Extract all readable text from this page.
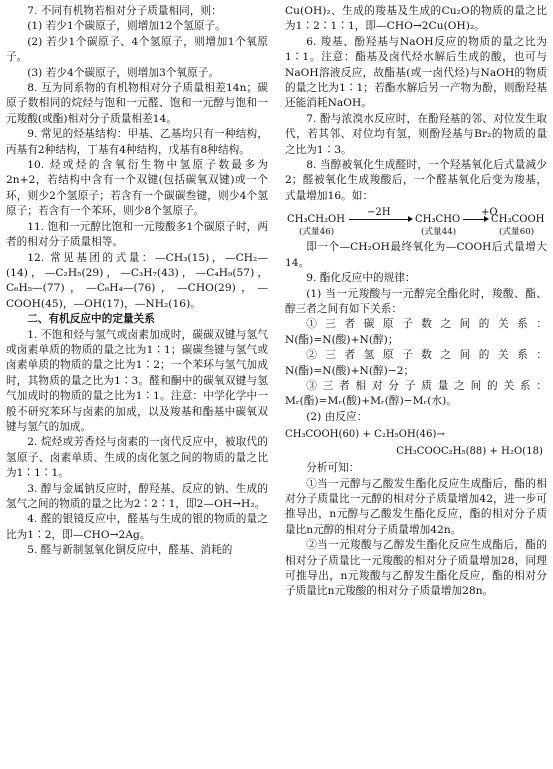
7. 不同有机物若相对分子质量相同，则：

(1) 若少1个碳原子，则增加12个氢原子。

(2) 若少1个碳原子、4个氢原子，则增加1个氧原子。

(3) 若少4个碳原子，则增加3个氧原子。

8. 互为同系物的有机物相对分子质量相差14n；碳原子数相同的烷烃与饱和一元醛、饱和一元醇与饱和一元羧酸(或酯)相对分子质量相差14。

9. 常见的烃基结构：甲基、乙基均只有一种结构，丙基有2种结构，丁基有4种结构，戊基有8种结构。

10. 烃或烃的含氧衍生物中氢原子数最多为2n+2，若结构中含有一个双键(包括碳氧双键)或一个环，则少2个氢原子；若含有一个碳碳叁键，则少4个氢原子；若含有一个苯环，则少8个氢原子。

11. 饱和一元醇比饱和一元羧酸多1个碳原子时，两者的相对分子质量相等。

12. 常见基团的式量：—CH₃(15)，—CH₂—(14)，—C₂H₅(29)，—C₃H₇(43)，—C₄H₉(57)，C₆H₅—(77)，—C₆H₄—(76)，—CHO(29)，—COOH(45)，—OH(17)，—NH₂(16)。

二、有机反应中的定量关系

1. 不饱和烃与氢气或卤素加成时，碳碳双键与氢气或卤素单质的物质的量之比为1∶1；碳碳叁键与氢气或卤素单质的物质的量之比为1∶2；一个苯环与氢气加成时，其物质的量之比为1∶3。醛和酮中的碳氧双键与氢气加成时的物质的量之比为1∶1。注意：中学化学中一般不研究苯环与卤素的加成，以及羧基和酯基中碳氧双键与氢气的加成。

2. 烷烃或芳香烃与卤素的一卤代反应中，被取代的氢原子、卤素单质、生成的卤化氢之间的物质的量之比为1∶1∶1。

3. 醇与金属钠反应时，醇羟基、反应的钠、生成的氢气之间的物质的量之比为2∶2∶1，即2—OH→H₂。

4. 醛的银镜反应中，醛基与生成的银的物质的量之比为1∶2，即—CHO→2Ag。

5. 醛与新制氢氧化铜反应中，醛基、消耗的

Cu(OH)₂、生成的羧基及生成的Cu₂O的物质的量之比为1∶2∶1∶1，即—CHO→2Cu(OH)₂。

6. 羧基、酚羟基与NaOH反应的物质的量之比为1∶1。注意：酯基及卤代烃水解后生成的酸，也可与NaOH溶液反应，故酯基(或一卤代烃)与NaOH的物质的量之比为1∶1；若酯水解后另一产物为酚，则酚羟基还能消耗NaOH。

7. 酚与浓溴水反应时，在酚羟基的邻、对位发生取代，若其邻、对位均有氢，则酚羟基与Br₂的物质的量之比为1∶3。

8. 当醇被氧化生成醛时，一个羟基氧化后式量减少2；醛被氧化生成羧酸后，一个醛基氧化后变为羧基，式量增加16。如：

CH₃CH₂OH
−2H
CH₃CHO
+O
CH₃COOH
(式量46)	(式量44)	(式量60)

即一个—CH₂OH最终氧化为—COOH后式量增大14。

9. 酯化反应中的规律：

(1) 当一元羧酸与一元醇完全酯化时，羧酸、酯、醇三者之间有如下关系：

①三者碳原子数之间的关系：N(酯)=N(酸)+N(醇)；

②三者氢原子数之间的关系：N(酯)=N(酸)+N(醇)−2；

③三者相对分子质量之间的关系：Mᵣ(酯)=Mᵣ(酸)+Mᵣ(醇)−Mᵣ(水)。

(2) 由反应：

CH₃COOH(60) + C₂H₅OH(46)→

CH₃COOC₂H₅(88) + H₂O(18)

分析可知：

①当一元醇与乙酸发生酯化反应生成酯后，酯的相对分子质量比一元醇的相对分子质量增加42，进一步可推导出，n元醇与乙酸发生酯化反应，酯的相对分子质量比n元醇的相对分子质量增加42n。

②当一元羧酸与乙醇发生酯化反应生成酯后，酯的相对分子质量比一元羧酸的相对分子质量增加28，同理可推导出，n元羧酸与乙醇发生酯化反应，酯的相对分子质量比n元羧酸的相对分子质量增加28n。
